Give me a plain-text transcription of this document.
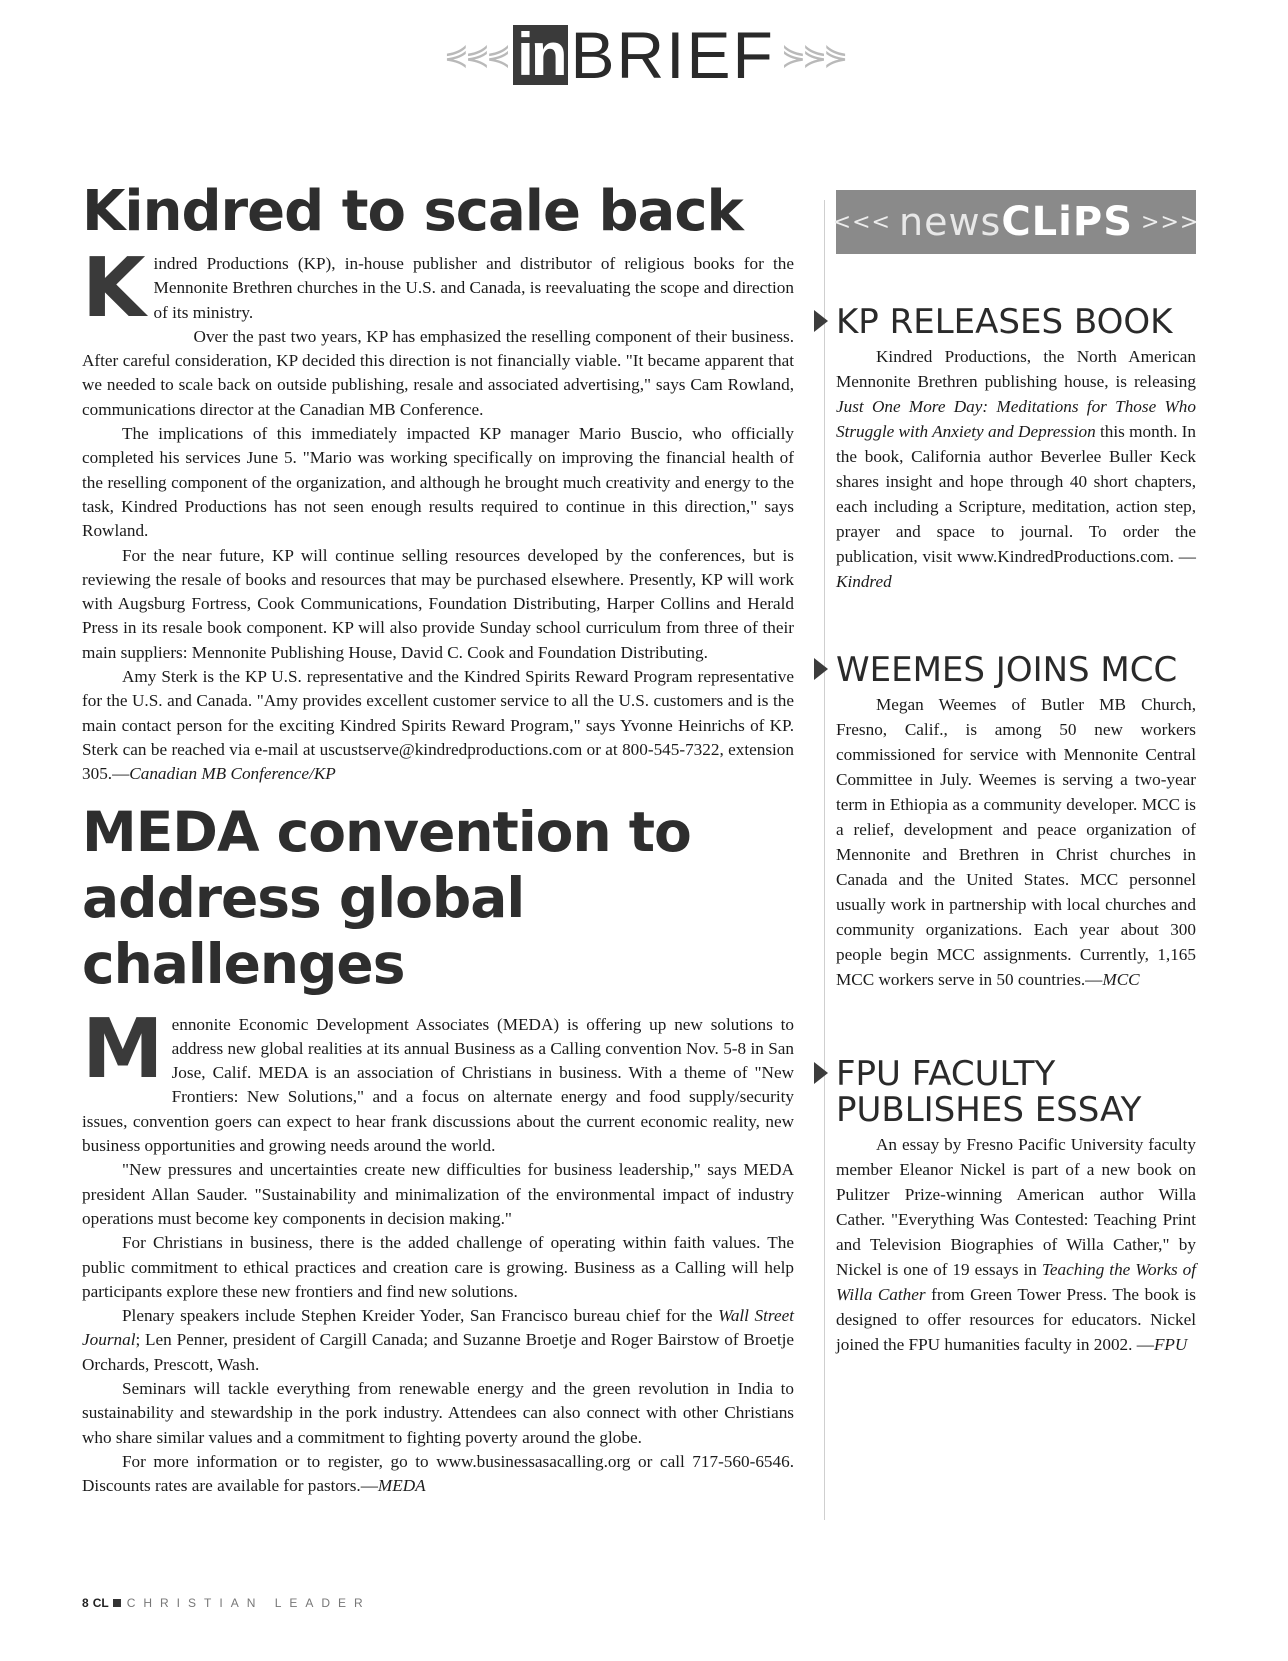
⋞⋞⋞ in BRIEF ⋟⋟⋟
Kindred to scale back

Kindred Productions (KP), in-house publisher and distributor of religious books for the Mennonite Brethren churches in the U.S. and Canada, is reevaluating the scope and direction of its ministry.

Over the past two years, KP has emphasized the reselling component of their business. After careful consideration, KP decided this direction is not financially viable. "It became apparent that we needed to scale back on outside publishing, resale and associated advertising," says Cam Rowland, communications director at the Canadian MB Conference.

The implications of this immediately impacted KP manager Mario Buscio, who officially completed his services June 5. "Mario was working specifically on improving the financial health of the reselling component of the organization, and although he brought much creativity and energy to the task, Kindred Productions has not seen enough results required to continue in this direction," says Rowland.

For the near future, KP will continue selling resources developed by the conferences, but is reviewing the resale of books and resources that may be purchased elsewhere. Presently, KP will work with Augsburg Fortress, Cook Communications, Foundation Distributing, Harper Collins and Herald Press in its resale book component. KP will also provide Sunday school curriculum from three of their main suppliers: Mennonite Publishing House, David C. Cook and Foundation Distributing.

Amy Sterk is the KP U.S. representative and the Kindred Spirits Reward Program representative for the U.S. and Canada. "Amy provides excellent customer service to all the U.S. customers and is the main contact person for the exciting Kindred Spirits Reward Program," says Yvonne Heinrichs of KP. Sterk can be reached via e-mail at uscustserve@kindredproductions.com or at 800-545-7322, extension 305.—Canadian MB Conference/KP

MEDA convention to
address global challenges

Mennonite Economic Development Associates (MEDA) is offering up new solutions to address new global realities at its annual Business as a Calling convention Nov. 5-8 in San Jose, Calif. MEDA is an association of Christians in business. With a theme of "New Frontiers: New Solutions," and a focus on alternate energy and food supply/security issues, convention goers can expect to hear frank discussions about the current economic reality, new business opportunities and growing needs around the world.

"New pressures and uncertainties create new difficulties for business leadership," says MEDA president Allan Sauder. "Sustainability and minimalization of the environmental impact of industry operations must become key components in decision making."

For Christians in business, there is the added challenge of operating within faith values. The public commitment to ethical practices and creation care is growing. Business as a Calling will help participants explore these new frontiers and find new solutions.

Plenary speakers include Stephen Kreider Yoder, San Francisco bureau chief for the Wall Street Journal; Len Penner, president of Cargill Canada; and Suzanne Broetje and Roger Bairstow of Broetje Orchards, Prescott, Wash.

Seminars will tackle everything from renewable energy and the green revolution in India to sustainability and stewardship in the pork industry. Attendees can also connect with other Christians who share similar values and a commitment to fighting poverty around the globe.

For more information or to register, go to www.businessasacalling.org or call 717-560-6546. Discounts rates are available for pastors.—MEDA

<<< news CLiPS >>>
KP RELEASES BOOK

Kindred Productions, the North American Mennonite Brethren publishing house, is releasing Just One More Day: Meditations for Those Who Struggle with Anxiety and Depression this month. In the book, California author Beverlee Buller Keck shares insight and hope through 40 short chapters, each including a Scripture, meditation, action step, prayer and space to journal. To order the publication, visit www.KindredProductions.com. —Kindred

WEEMES JOINS MCC

Megan Weemes of Butler MB Church, Fresno, Calif., is among 50 new workers commissioned for service with Mennonite Central Committee in July. Weemes is serving a two-year term in Ethiopia as a community developer. MCC is a relief, development and peace organization of Mennonite and Brethren in Christ churches in Canada and the United States. MCC personnel usually work in partnership with local churches and community organizations. Each year about 300 people begin MCC assignments. Currently, 1,165 MCC workers serve in 50 countries.—MCC

FPU FACULTY
PUBLISHES ESSAY

An essay by Fresno Pacific University faculty member Eleanor Nickel is part of a new book on Pulitzer Prize-winning American author Willa Cather. "Everything Was Contested: Teaching Print and Television Biographies of Willa Cather," by Nickel is one of 19 essays in Teaching the Works of Willa Cather from Green Tower Press. The book is designed to offer resources for educators. Nickel joined the FPU humanities faculty in 2002. —FPU

8 CL CHRISTIAN LEADER
